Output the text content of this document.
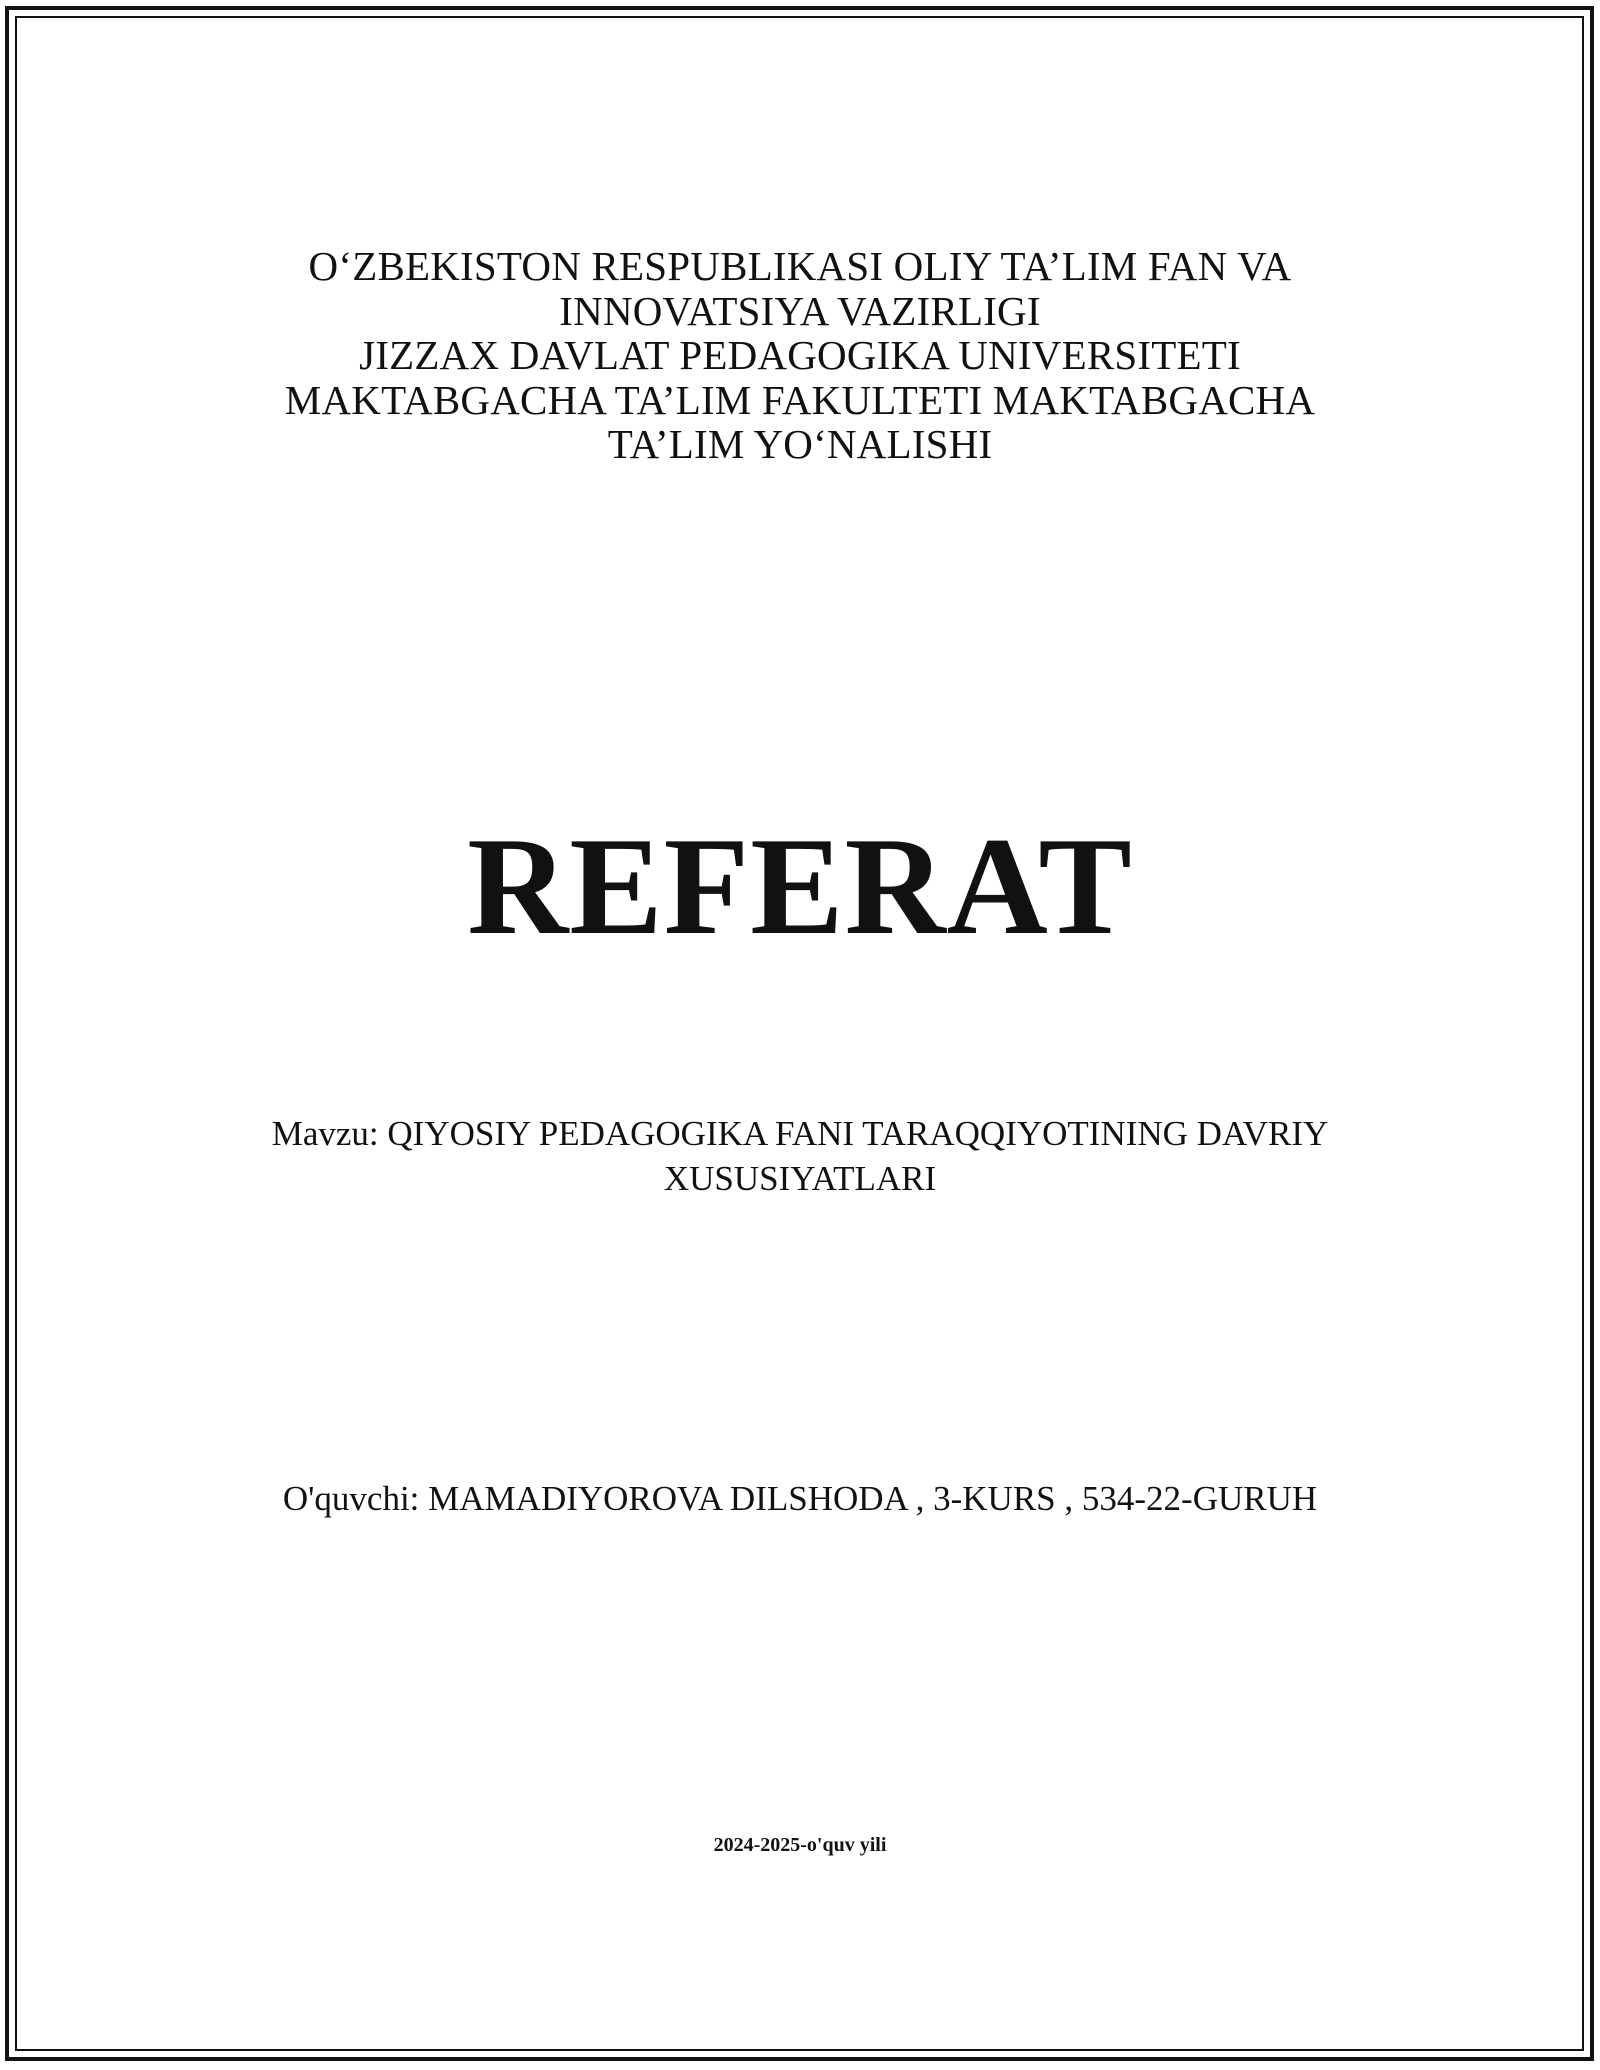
O‘ZBEKISTON RESPUBLIKASI OLIY TA’LIM FAN VA
INNOVATSIYA VAZIRLIGI
JIZZAX DAVLAT PEDAGOGIKA UNIVERSITETI
MAKTABGACHA TA’LIM FAKULTETI MAKTABGACHA
TA’LIM YO‘NALISHI
REFERAT
Mavzu: QIYOSIY PEDAGOGIKA FANI TARAQQIYOTINING DAVRIY
XUSUSIYATLARI
O'quvchi: MAMADIYOROVA DILSHODA , 3-KURS , 534-22-GURUH
2024-2025-o'quv yili
